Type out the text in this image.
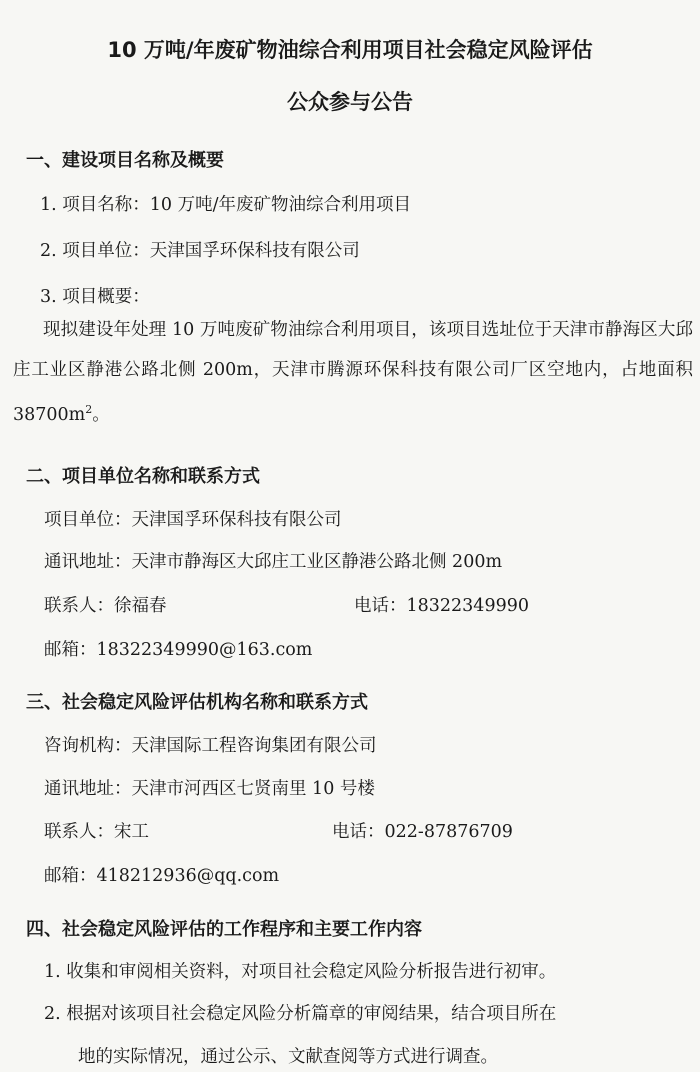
10 万吨/年废矿物油综合利用项目社会稳定风险评估
公众参与公告
一、建设项目名称及概要
1. 项目名称：10 万吨/年废矿物油综合利用项目
2. 项目单位：天津国孚环保科技有限公司
3. 项目概要：
现拟建设年处理 10 万吨废矿物油综合利用项目，该项目选址位于天津市静海区大邱庄工业区静港公路北侧 200m，天津市腾源环保科技有限公司厂区空地内，占地面积 $38700m^2$。
二、项目单位名称和联系方式
项目单位：天津国孚环保科技有限公司
通讯地址：天津市静海区大邱庄工业区静港公路北侧 200m
联系人：徐福春	电话：18322349990
邮箱：18322349990@163.com
三、社会稳定风险评估机构名称和联系方式
咨询机构：天津国际工程咨询集团有限公司
通讯地址：天津市河西区七贤南里 10 号楼
联系人：宋工	电话：022-87876709
邮箱：418212936@qq.com
四、社会稳定风险评估的工作程序和主要工作内容
1. 收集和审阅相关资料，对项目社会稳定风险分析报告进行初审。
2. 根据对该项目社会稳定风险分析篇章的审阅结果，结合项目所在
地的实际情况，通过公示、文献查阅等方式进行调查。
